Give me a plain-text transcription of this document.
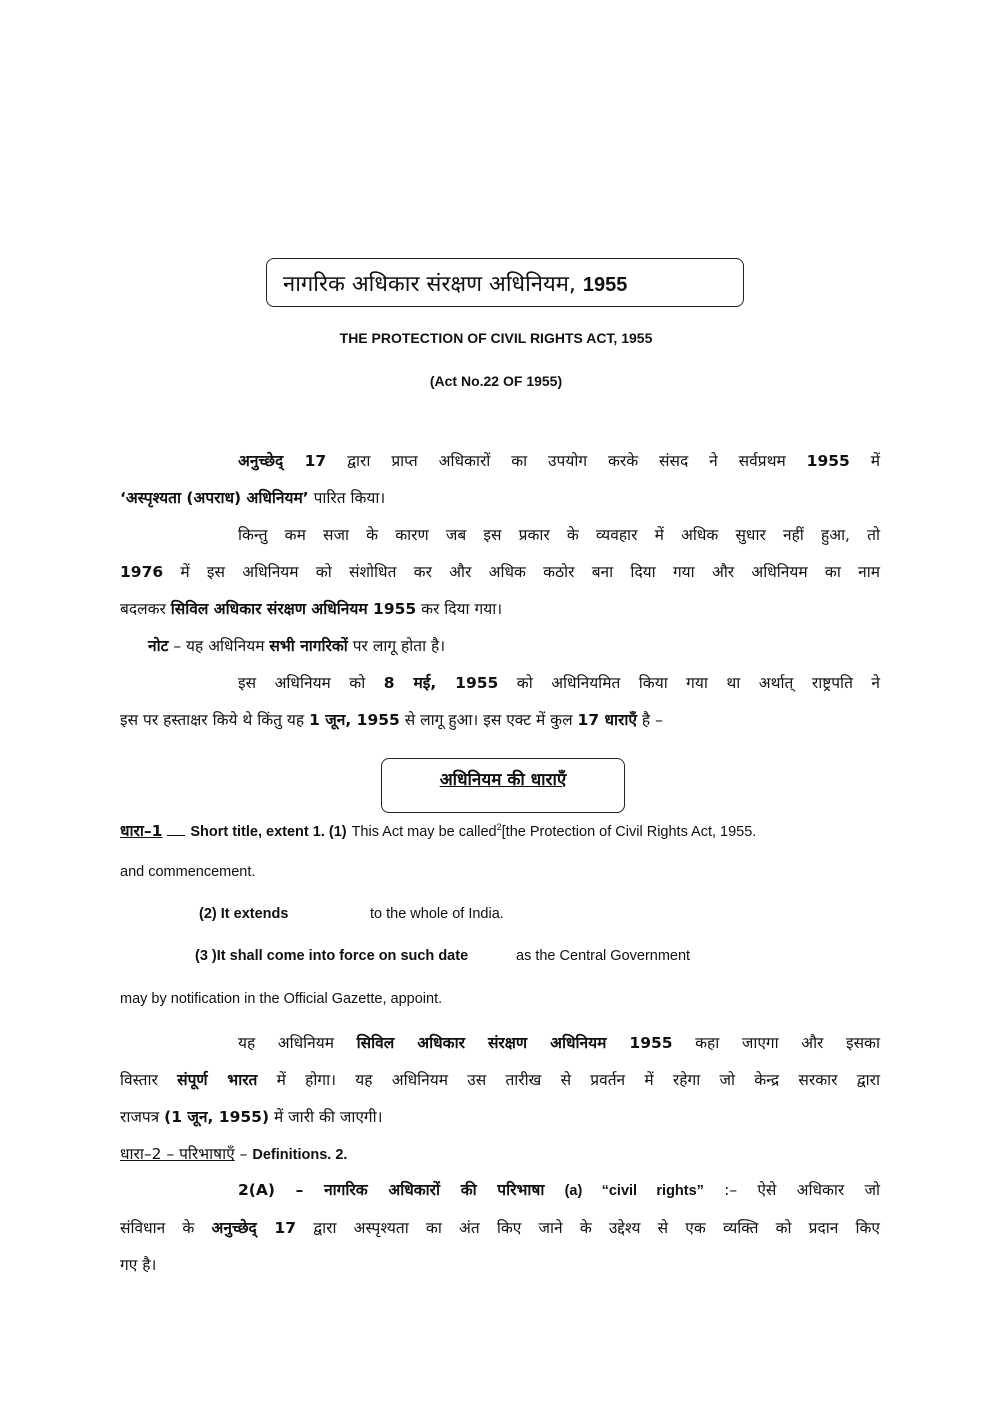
नागरिक अधिकार संरक्षण अधिनियम, 1955
THE PROTECTION OF CIVIL RIGHTS ACT, 1955
(Act No.22 OF 1955)
अनुच्छेद् 17 द्वारा प्राप्त अधिकारों का उपयोग करके संसद ने सर्वप्रथम 1955 में
‘अस्पृश्यता (अपराध) अधिनियम’ पारित किया।
किन्तु कम सजा के कारण जब इस प्रकार के व्यवहार में अधिक सुधार नहीं हुआ, तो
1976 में इस अधिनियम को संशोधित कर और अधिक कठोर बना दिया गया और अधिनियम का नाम
बदलकर सिविल अधिकार संरक्षण अधिनियम 1955 कर दिया गया।
नोट – यह अधिनियम सभी नागरिकों पर लागू होता है।
इस अधिनियम को 8 मई, 1955 को अधिनियमित किया गया था अर्थात् राष्ट्रपति ने
इस पर हस्ताक्षर किये थे किंतु यह 1 जून, 1955 से लागू हुआ। इस एक्ट में कुल 17 धाराऍं है –
अधिनियम की धाराऍं
धारा–1 Short title, extent 1. (1) This Act may be called$^2$[the Protection of Civil Rights Act, 1955.
and commencement.
(2) It extends	to the whole of India.
(3 )It shall come into force on such date	as the Central Government
may by notification in the Official Gazette, appoint.
यह अधिनियम सिविल अधिकार संरक्षण अधिनियम 1955 कहा जाएगा और इसका
विस्तार संपूर्ण भारत में होगा। यह अधिनियम उस तारीख से प्रवर्तन में रहेगा जो केन्द्र सरकार द्वारा
राजपत्र (1 जून, 1955) में जारी की जाएगी।
धारा–2 – परिभाषाऍं – Definitions. 2.
2(A) – नागरिक अधिकारों की परिभाषा (a) “civil rights” :– ऐसे अधिकार जो
संविधान के अनुच्छेद् 17 द्वारा अस्पृश्यता का अंत किए जाने के उद्देश्य से एक व्यक्ति को प्रदान किए
गए है।
